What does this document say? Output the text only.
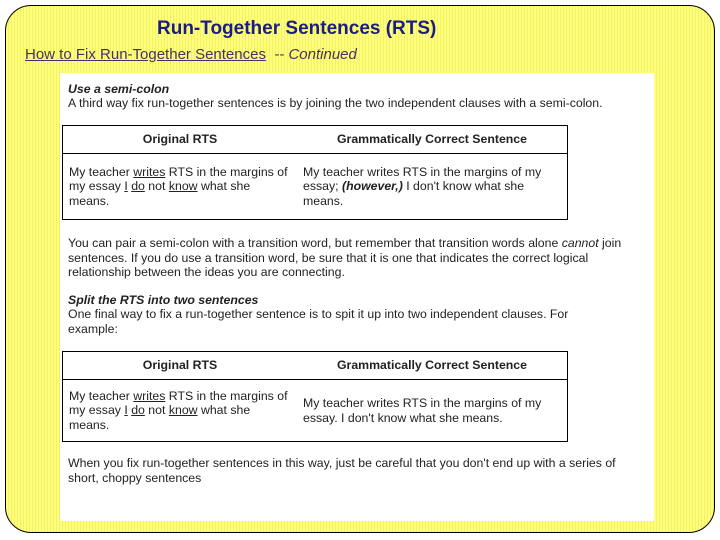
Run-Together Sentences (RTS)
How to Fix Run-Together Sentences -- Continued
Use a semi-colon
A third way fix run-together sentences is by joining the two independent clauses with a semi-colon.
Original RTS	Grammatically Correct Sentence
My teacher writes RTS in the margins of my essay I do not know what she means.	My teacher writes RTS in the margins of my essay; (however,) I don't know what she means.
You can pair a semi-colon with a transition word, but remember that transition words alone cannot join sentences. If you do use a transition word, be sure that it is one that indicates the correct logical relationship between the ideas you are connecting.
Split the RTS into two sentences
One final way to fix a run-together sentence is to spit it up into two independent clauses. For example:
Original RTS	Grammatically Correct Sentence
My teacher writes RTS in the margins of my essay I do not know what she means.	My teacher writes RTS in the margins of my essay. I don't know what she means.
When you fix run-together sentences in this way, just be careful that you don't end up with a series of short, choppy sentences
